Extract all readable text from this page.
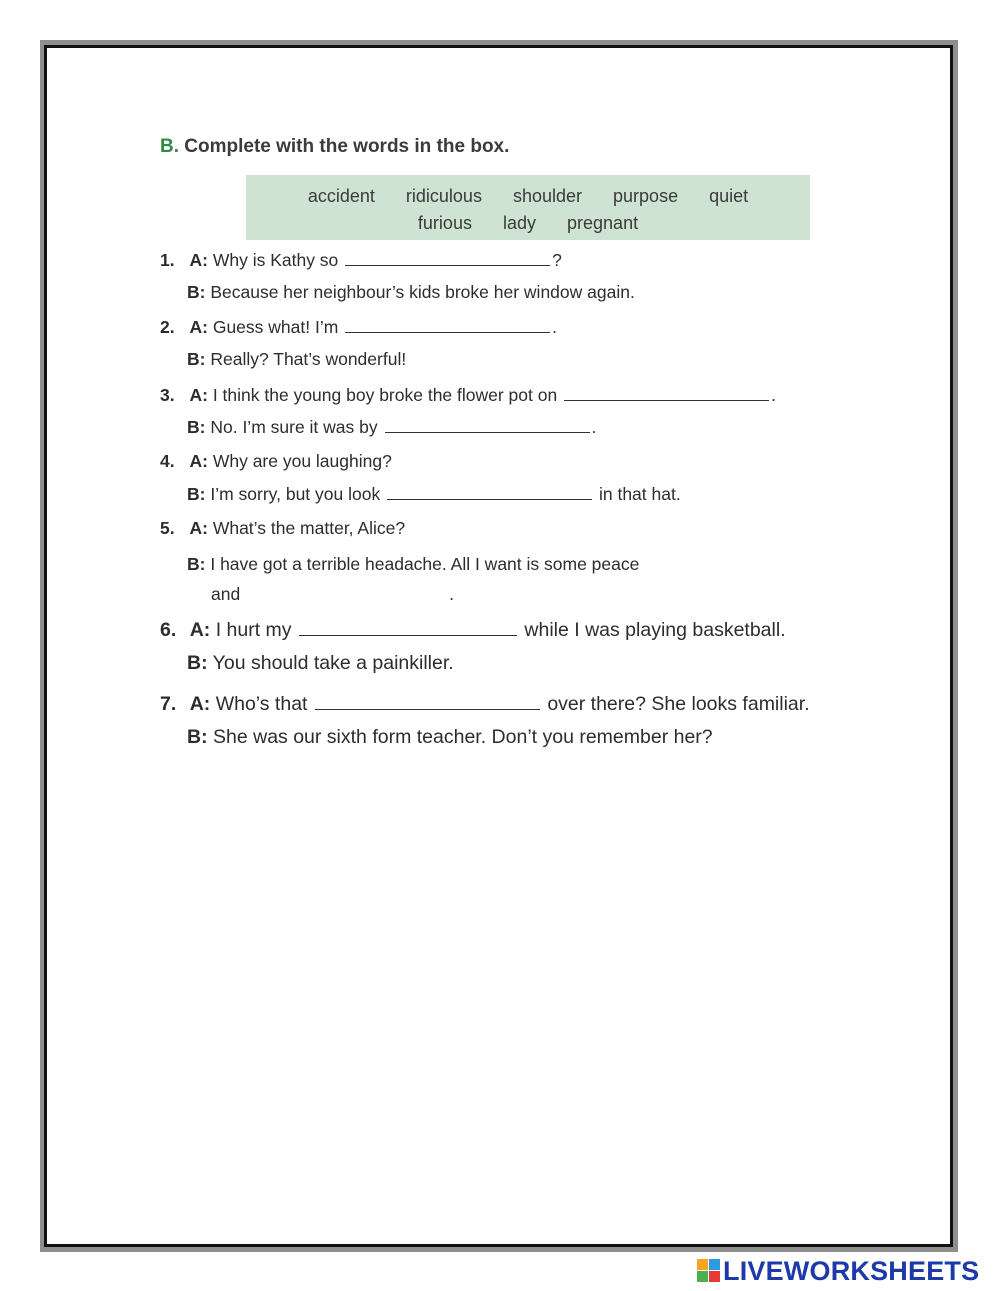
B. Complete with the words in the box.
accident ridiculous shoulder purpose quiet
furious lady pregnant
1. A: Why is Kathy so	?
B: Because her neighbour’s kids broke her window again.
2. A: Guess what! I’m	.
B: Really? That’s wonderful!
3. A: I think the young boy broke the flower pot on	.
B: No. I’m sure it was by	.
4. A: Why are you laughing?
B: I’m sorry, but you look	in that hat.
5. A: What’s the matter, Alice?
B: I have got a terrible headache. All I want is some peace
and	.
6. A: I hurt my	while I was playing basketball.
B: You should take a painkiller.
7. A: Who’s that	over there? She looks familiar.
B: She was our sixth form teacher. Don’t you remember her?
LIVEWORKSHEETS
